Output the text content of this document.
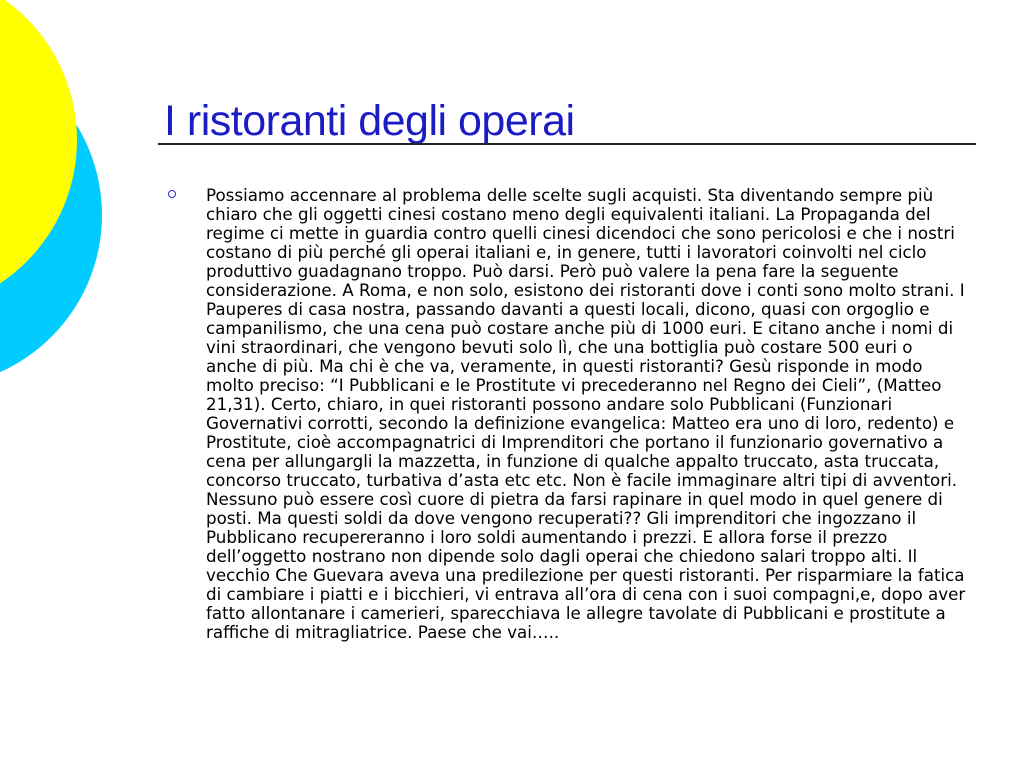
I ristoranti degli operai

Possiamo accennare al problema delle scelte sugli acquisti. Sta diventando sempre più chiaro che gli oggetti cinesi costano meno degli equivalenti italiani. La Propaganda del regime ci mette in guardia contro quelli cinesi dicendoci che sono pericolosi e che i nostri costano di più perché gli operai italiani e, in genere, tutti i lavoratori coinvolti nel ciclo produttivo guadagnano troppo. Può darsi. Però può valere la pena fare la seguente considerazione. A Roma, e non solo, esistono dei ristoranti dove i conti sono molto strani. I Pauperes di casa nostra, passando davanti a questi locali, dicono, quasi con orgoglio e campanilismo, che una cena può costare anche più di 1000 euri. E citano anche i nomi di vini straordinari, che vengono bevuti solo lì, che una bottiglia può costare 500 euri o anche di più. Ma chi è che va, veramente, in questi ristoranti? Gesù risponde in modo molto preciso: “I Pubblicani e le Prostitute vi precederanno nel Regno dei Cieli”, (Matteo 21,31). Certo, chiaro, in quei ristoranti possono andare solo Pubblicani (Funzionari Governativi corrotti, secondo la definizione evangelica: Matteo era uno di loro, redento) e Prostitute, cioè accompagnatrici di Imprenditori che portano il funzionario governativo a cena per allungargli la mazzetta, in funzione di qualche appalto truccato, asta truccata, concorso truccato, turbativa d’asta etc etc. Non è facile immaginare altri tipi di avventori. Nessuno può essere così cuore di pietra da farsi rapinare in quel modo in quel genere di posti. Ma questi soldi da dove vengono recuperati?? Gli imprenditori che ingozzano il Pubblicano recupereranno i loro soldi aumentando i prezzi. E allora forse il prezzo dell’oggetto nostrano non dipende solo dagli operai che chiedono salari troppo alti. Il vecchio Che Guevara aveva una predilezione per questi ristoranti. Per risparmiare la fatica di cambiare i piatti e i bicchieri, vi entrava all’ora di cena con i suoi compagni,e, dopo aver fatto allontanare i camerieri, sparecchiava le allegre tavolate di Pubblicani e prostitute a raffiche di mitragliatrice. Paese che vai…..
